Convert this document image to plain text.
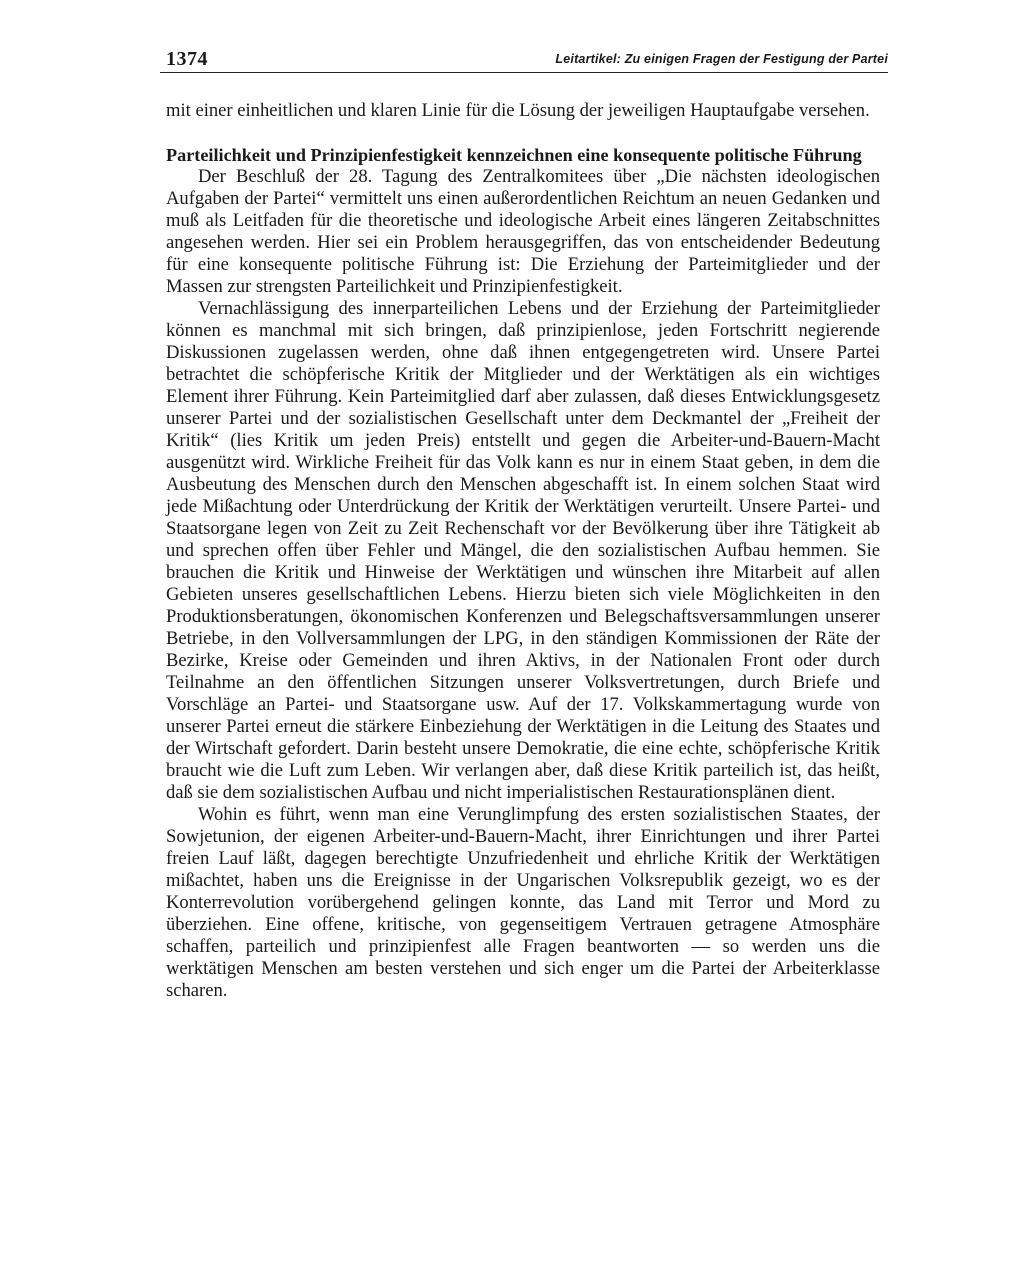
1374	Leitartikel: Zu einigen Fragen der Festigung der Partei

mit einer einheitlichen und klaren Linie für die Lösung der jeweiligen Hauptaufgabe versehen.

Parteilichkeit und Prinzipienfestigkeit kennzeichnen eine konsequente politische Führung

Der Beschluß der 28. Tagung des Zentralkomitees über „Die nächsten ideologischen Aufgaben der Partei“ vermittelt uns einen außerordentlichen Reichtum an neuen Gedanken und muß als Leitfaden für die theoretische und ideologische Arbeit eines längeren Zeitabschnittes angesehen werden. Hier sei ein Problem herausgegriffen, das von entscheidender Bedeutung für eine konsequente politische Führung ist: Die Erziehung der Parteimitglieder und der Massen zur strengsten Parteilichkeit und Prinzipienfestigkeit.

Vernachlässigung des innerparteilichen Lebens und der Erziehung der Parteimitglieder können es manchmal mit sich bringen, daß prinzipienlose, jeden Fortschritt negierende Diskussionen zugelassen werden, ohne daß ihnen entgegengetreten wird. Unsere Partei betrachtet die schöpferische Kritik der Mitglieder und der Werktätigen als ein wichtiges Element ihrer Führung. Kein Parteimitglied darf aber zulassen, daß dieses Entwicklungsgesetz unserer Partei und der sozialistischen Gesellschaft unter dem Deckmantel der „Freiheit der Kritik“ (lies Kritik um jeden Preis) entstellt und gegen die Arbeiter-und-Bauern-Macht ausgenützt wird. Wirkliche Freiheit für das Volk kann es nur in einem Staat geben, in dem die Ausbeutung des Menschen durch den Menschen abgeschafft ist. In einem solchen Staat wird jede Mißachtung oder Unterdrückung der Kritik der Werktätigen verurteilt. Unsere Partei- und Staatsorgane legen von Zeit zu Zeit Rechenschaft vor der Bevölkerung über ihre Tätigkeit ab und sprechen offen über Fehler und Mängel, die den sozialistischen Aufbau hemmen. Sie brauchen die Kritik und Hinweise der Werktätigen und wünschen ihre Mitarbeit auf allen Gebieten unseres gesellschaftlichen Lebens. Hierzu bieten sich viele Möglichkeiten in den Produktionsberatungen, ökonomischen Konferenzen und Belegschaftsversammlungen unserer Betriebe, in den Vollversammlungen der LPG, in den ständigen Kommissionen der Räte der Bezirke, Kreise oder Gemeinden und ihren Aktivs, in der Nationalen Front oder durch Teilnahme an den öffentlichen Sitzungen unserer Volksvertretungen, durch Briefe und Vorschläge an Partei- und Staatsorgane usw. Auf der 17. Volkskammertagung wurde von unserer Partei erneut die stärkere Einbeziehung der Werktätigen in die Leitung des Staates und der Wirtschaft gefordert. Darin besteht unsere Demokratie, die eine echte, schöpferische Kritik braucht wie die Luft zum Leben. Wir verlangen aber, daß diese Kritik parteilich ist, das heißt, daß sie dem sozialistischen Aufbau und nicht imperialistischen Restaurationsplänen dient.

Wohin es führt, wenn man eine Verunglimpfung des ersten sozialistischen Staates, der Sowjetunion, der eigenen Arbeiter-und-Bauern-Macht, ihrer Einrichtungen und ihrer Partei freien Lauf läßt, dagegen berechtigte Unzufriedenheit und ehrliche Kritik der Werktätigen mißachtet, haben uns die Ereignisse in der Ungarischen Volksrepublik gezeigt, wo es der Konterrevolution vorübergehend gelingen konnte, das Land mit Terror und Mord zu überziehen. Eine offene, kritische, von gegenseitigem Vertrauen getragene Atmosphäre schaffen, parteilich und prinzipienfest alle Fragen beantworten — so werden uns die werktätigen Menschen am besten verstehen und sich enger um die Partei der Arbeiterklasse scharen.
